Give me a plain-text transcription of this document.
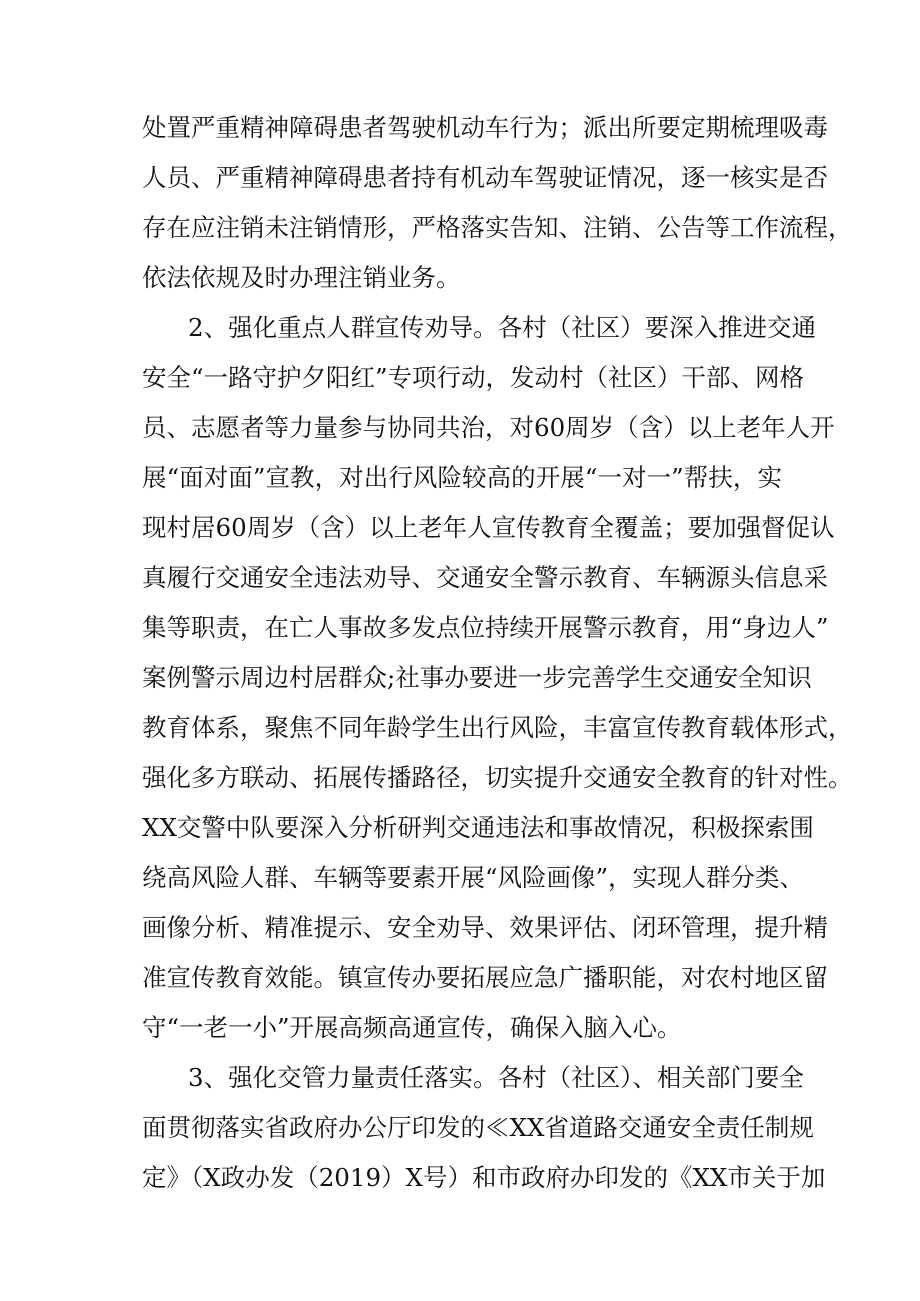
处置严重精神障碍患者驾驶机动车行为；派出所要定期梳理吸毒
人员、严重精神障碍患者持有机动车驾驶证情况，逐一核实是否
存在应注销未注销情形，严格落实告知、注销、公告等工作流程，
依法依规及时办理注销业务。
2、强化重点人群宣传劝导。各村（社区）要深入推进交通
安全“一路守护夕阳红”专项行动，发动村（社区）干部、网格
员、志愿者等力量参与协同共治，对60周岁（含）以上老年人开
展“面对面”宣教，对出行风险较高的开展“一对一”帮扶，实
现村居60周岁（含）以上老年人宣传教育全覆盖；要加强督促认
真履行交通安全违法劝导、交通安全警示教育、车辆源头信息采
集等职责，在亡人事故多发点位持续开展警示教育，用“身边人”
案例警示周边村居群众;社事办要进一步完善学生交通安全知识
教育体系，聚焦不同年龄学生出行风险，丰富宣传教育载体形式，
强化多方联动、拓展传播路径，切实提升交通安全教育的针对性。
XX交警中队要深入分析研判交通违法和事故情况，积极探索围
绕高风险人群、车辆等要素开展“风险画像”，实现人群分类、
画像分析、精准提示、安全劝导、效果评估、闭环管理，提升精
准宣传教育效能。镇宣传办要拓展应急广播职能，对农村地区留
守“一老一小”开展高频高通宣传，确保入脑入心。
3、强化交管力量责任落实。各村（社区）、相关部门要全
面贯彻落实省政府办公厅印发的≪XX省道路交通安全责任制规
定》（X政办发（2019）X号）和市政府办印发的《XX市关于加
